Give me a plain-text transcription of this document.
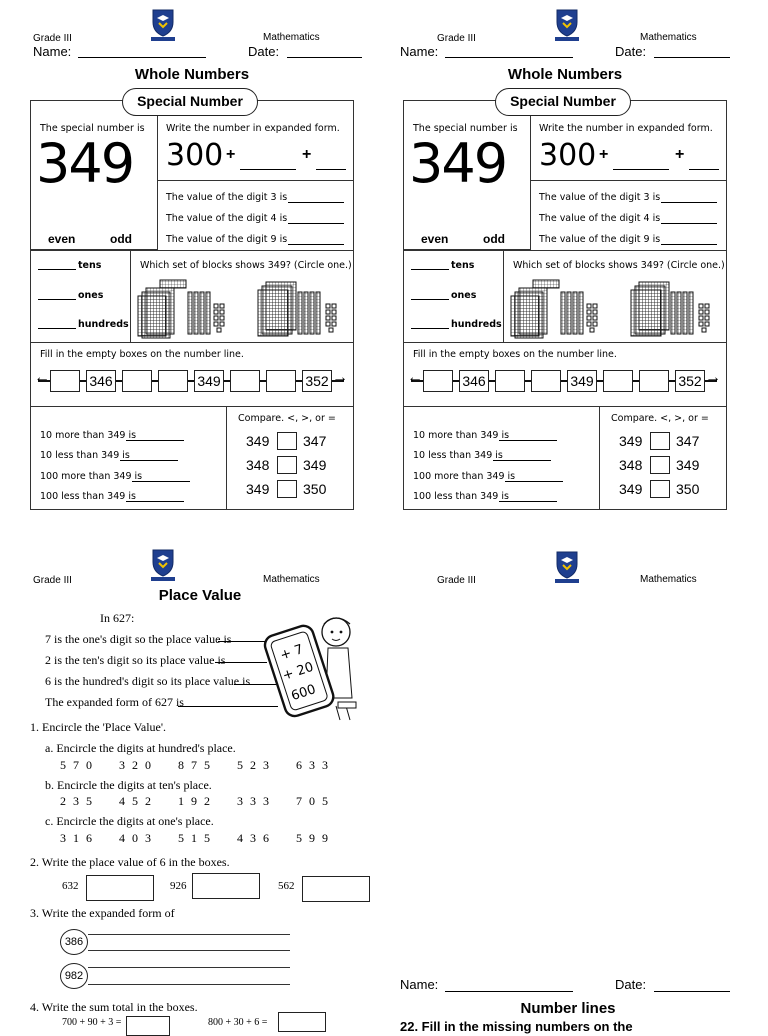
Grade III	Mathematics
Name:	Date:
Grade III	Mathematics
Name:	Date:
Whole Numbers
Special Number
The special number is
349
even	odd
Write the number in expanded form.
300 +	+
The value of the digit 3 is
The value of the digit 4 is
The value of the digit 9 is
tens
ones
hundreds
Which set of blocks shows 349? (Circle one.)
Fill in the empty boxes on the number line.
←	→
346	349	352
10 more than 349 is
10 less than 349 is
100 more than 349 is
100 less than 349 is
Compare. <, >, or =
349 347
348 349
349 350
Whole Numbers
Special Number
The special number is
349
even	odd
Write the number in expanded form.
300 +	+
The value of the digit 3 is
The value of the digit 4 is
The value of the digit 9 is
tens
ones
hundreds
Which set of blocks shows 349? (Circle one.)
Fill in the empty boxes on the number line.
←	→
346	349	352
10 more than 349 is
10 less than 349 is
100 more than 349 is
100 less than 349 is
Compare. <, >, or =
349 347
348 349
349 350
Grade III	Mathematics
Place Value
In 627:
7 is the one's digit so the place value is
2 is the ten's digit so its place value is
6 is the hundred's digit so its place value is
The expanded form of 627 is
+ 7
+ 20
600
1. Encircle the 'Place Value'.
a. Encircle the digits at hundred's place.
5 7 0     3 2 0     8 7 5     5 2 3     6 3 3
b. Encircle the digits at ten's place.
2 3 5     4 5 2     1 9 2     3 3 3     7 0 5
c. Encircle the digits at one's place.
3 1 6     4 0 3     5 1 5     4 3 6     5 9 9
2. Write the place value of 6 in the boxes.
632	926	562
3. Write the expanded form of
386
982
4. Write the sum total in the boxes.
700 + 90 + 3 =	800 + 30 + 6 =
Grade III	Mathematics
Name:	Date:
Number lines
22. Fill in the missing numbers on the
